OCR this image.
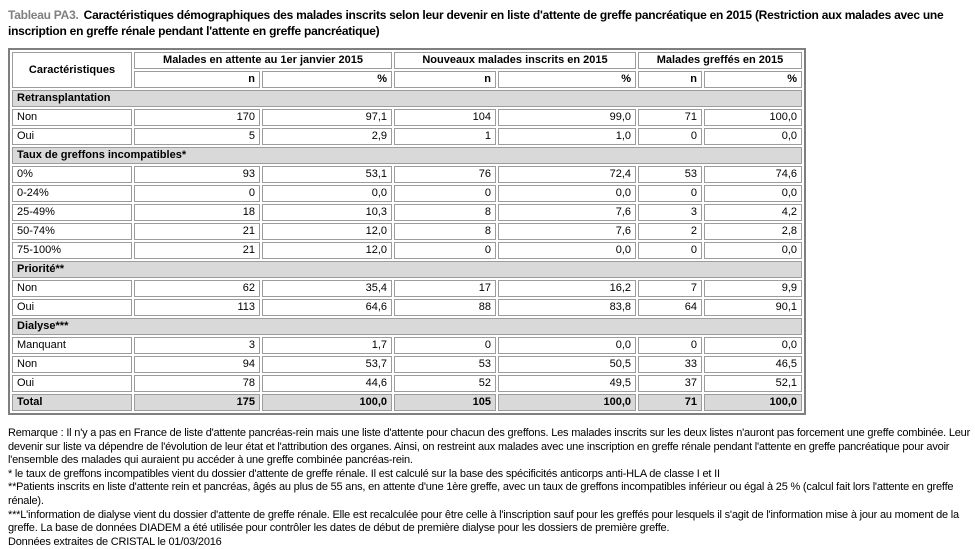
Tableau PA3. Caractéristiques démographiques des malades inscrits selon leur devenir en liste d'attente de greffe pancréatique en 2015 (Restriction aux malades avec une inscription en greffe rénale pendant l'attente en greffe pancréatique)

Caractéristiques	Malades en attente au 1er janvier 2015		Nouveaux malades inscrits en 2015		Malades greffés en 2015	
	n	%	n	%	n	%
Retransplantation						
Non	170	97,1	104	99,0	71	100,0
Oui	5	2,9	1	1,0	0	0,0
Taux de greffons incompatibles*						
0%	93	53,1	76	72,4	53	74,6
0-24%	0	0,0	0	0,0	0	0,0
25-49%	18	10,3	8	7,6	3	4,2
50-74%	21	12,0	8	7,6	2	2,8
75-100%	21	12,0	0	0,0	0	0,0
Priorité**						
Non	62	35,4	17	16,2	7	9,9
Oui	113	64,6	88	83,8	64	90,1
Dialyse***						
Manquant	3	1,7	0	0,0	0	0,0
Non	94	53,7	53	50,5	33	46,5
Oui	78	44,6	52	49,5	37	52,1
Total	175	100,0	105	100,0	71	100,0

Remarque : Il n'y a pas en France de liste d'attente pancréas-rein mais une liste d'attente pour chacun des greffons. Les malades inscrits sur les deux listes n'auront pas forcement une greffe combinée. Leur devenir sur liste va dépendre de l'évolution de leur état et l'attribution des organes. Ainsi, on restreint aux malades avec une inscription en greffe rénale pendant l'attente en greffe pancréatique pour avoir l'ensemble des malades qui auraient pu accéder à une greffe combinée pancréas-rein.

* le taux de greffons incompatibles vient du dossier d'attente de greffe rénale. Il est calculé sur la base des spécificités anticorps anti-HLA de classe I et II

**Patients inscrits en liste d'attente rein et pancréas, âgés au plus de 55 ans, en attente d'une 1ère greffe, avec un taux de greffons incompatibles inférieur ou égal à 25 % (calcul fait lors l'attente en greffe rénale).

***L'information de dialyse vient du dossier d'attente de greffe rénale. Elle est recalculée pour être celle à l'inscription sauf pour les greffés pour lesquels il s'agit de l'information mise à jour au moment de la greffe. La base de données DIADEM a été utilisée pour contrôler les dates de début de première dialyse pour les dossiers de première greffe.

Données extraites de CRISTAL le 01/03/2016
